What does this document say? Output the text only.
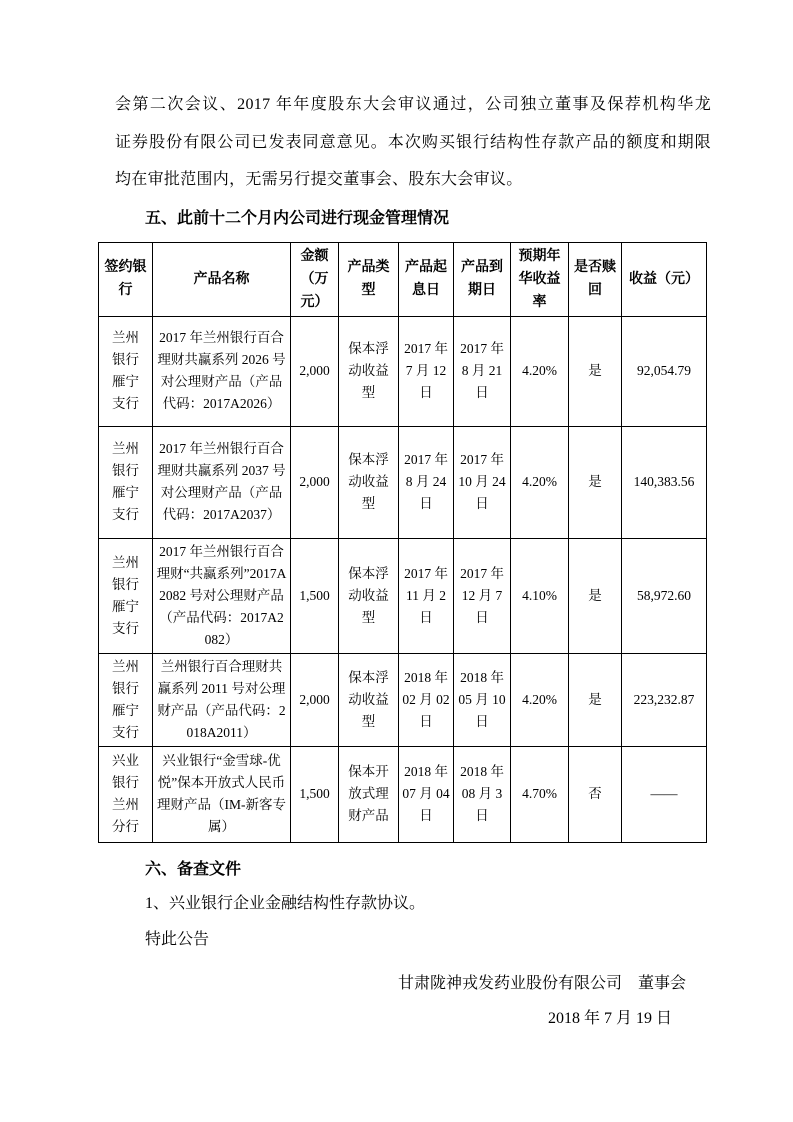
会第二次会议、2017 年年度股东大会审议通过，公司独立董事及保荐机构华龙
证券股份有限公司已发表同意意见。本次购买银行结构性存款产品的额度和期限
均在审批范围内，无需另行提交董事会、股东大会审议。
五、此前十二个月内公司进行现金管理情况
签约银行	产品名称	金额（万元）	产品类型	产品起息日	产品到期日	预期年华收益率	是否赎回	收益（元）
兰州银行雁宁支行	2017 年兰州银行百合理财共赢系列 2026 号对公理财产品（产品代码：2017A2026）	2,000	保本浮动收益型	2017 年 7 月 12 日	2017 年 8 月 21 日	4.20%	是	92,054.79
兰州银行雁宁支行	2017 年兰州银行百合理财共赢系列 2037 号对公理财产品（产品代码：2017A2037）	2,000	保本浮动收益型	2017 年 8 月 24 日	2017 年 10 月 24 日	4.20%	是	140,383.56
兰州银行雁宁支行	2017 年兰州银行百合理财“共赢系列”2017A2082 号对公理财产品（产品代码：2017A2082）	1,500	保本浮动收益型	2017 年 11 月 2 日	2017 年 12 月 7 日	4.10%	是	58,972.60
兰州银行雁宁支行	兰州银行百合理财共赢系列 2011 号对公理财产品（产品代码：2018A2011）	2,000	保本浮动收益型	2018 年 02 月 02 日	2018 年 05 月 10 日	4.20%	是	223,232.87
兴业银行兰州分行	兴业银行“金雪球-优悦”保本开放式人民币理财产品（IM-新客专属）	1,500	保本开放式理财产品	2018 年 07 月 04 日	2018 年 08 月 3 日	4.70%	否	——
六、备查文件
1、兴业银行企业金融结构性存款协议。
特此公告
甘肃陇神戎发药业股份有限公司　董事会
2018 年 7 月 19 日
